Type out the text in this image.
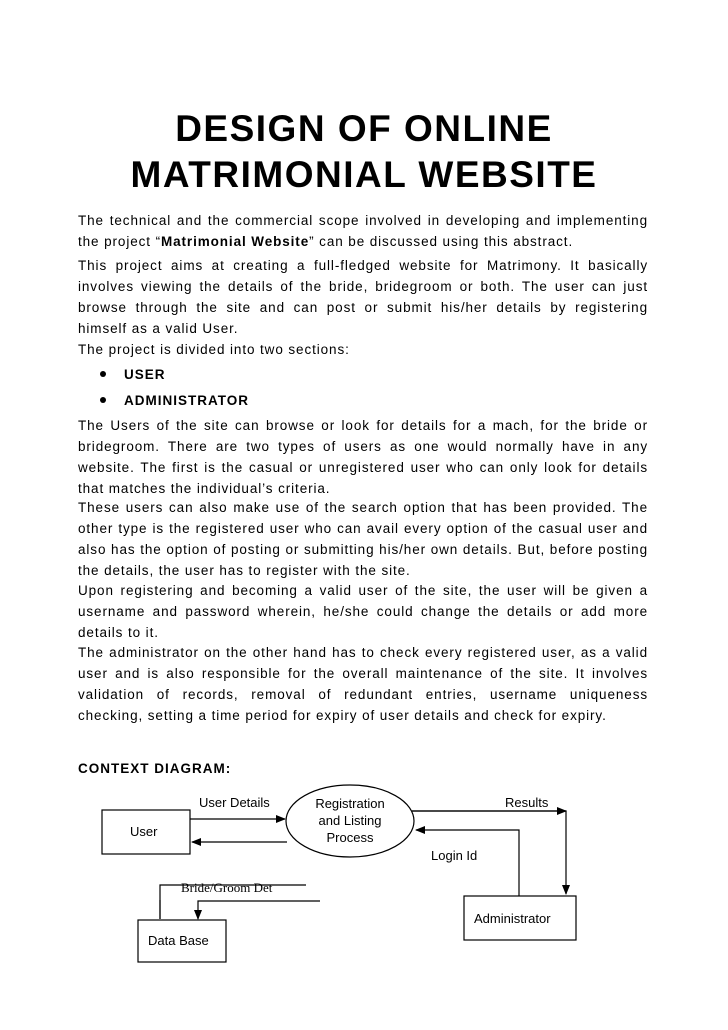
DESIGN OF ONLINE
MATRIMONIAL WEBSITE

The technical and the commercial scope involved in developing and implementing the project “Matrimonial Website” can be discussed using this abstract.

This project aims at creating a full-fledged website for Matrimony. It basically involves viewing the details of the bride, bridegroom or both. The user can just browse through the site and can post or submit his/her details by registering himself as a valid User.

The project is divided into two sections:

USER
ADMINISTRATOR

The Users of the site can browse or look for details for a mach, for the bride or bridegroom. There are two types of users as one would normally have in any website. The first is the casual or unregistered user who can only look for details that matches the individual’s criteria.

These users can also make use of the search option that has been provided. The other type is the registered user who can avail every option of the casual user and also has the option of posting or submitting his/her own details. But, before posting the details, the user has to register with the site.

Upon registering and becoming a valid user of the site, the user will be given a username and password wherein, he/she could change the details or add more details to it.

The administrator on the other hand has to check every registered user, as a valid user and is also responsible for the overall maintenance of the site. It involves validation of records, removal of redundant entries, username uniqueness checking, setting a time period for expiry of user details and check for expiry.

CONTEXT DIAGRAM:
User
Registration
and Listing
Process
Administrator
Data Base
User Details	Results
Login Id
Bride/Groom Det
